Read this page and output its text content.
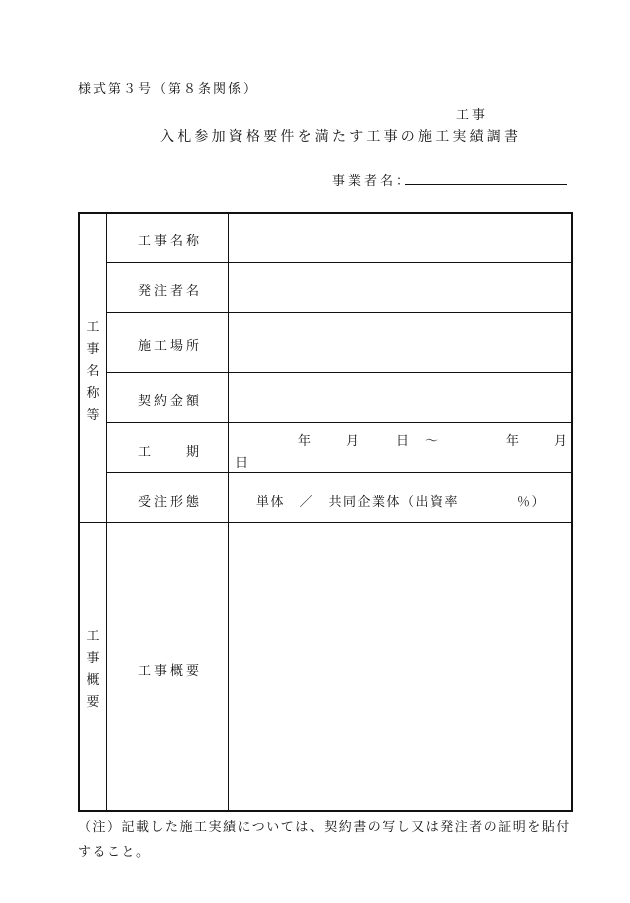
様式第３号（第８条関係）
工事
入札参加資格要件を満たす工事の施工実績調書
事業者名：
工
事
名
称
等
工
事
概
要
工事名称
発注者名
施工場所
契約金額
工　　期
受注形態
工事概要
年 月	日 ～	年 月
日
単体　／　共同企業体（出資率　　　　％）
（注）記載した施工実績については、契約書の写し又は発注者の証明を貼付すること。
